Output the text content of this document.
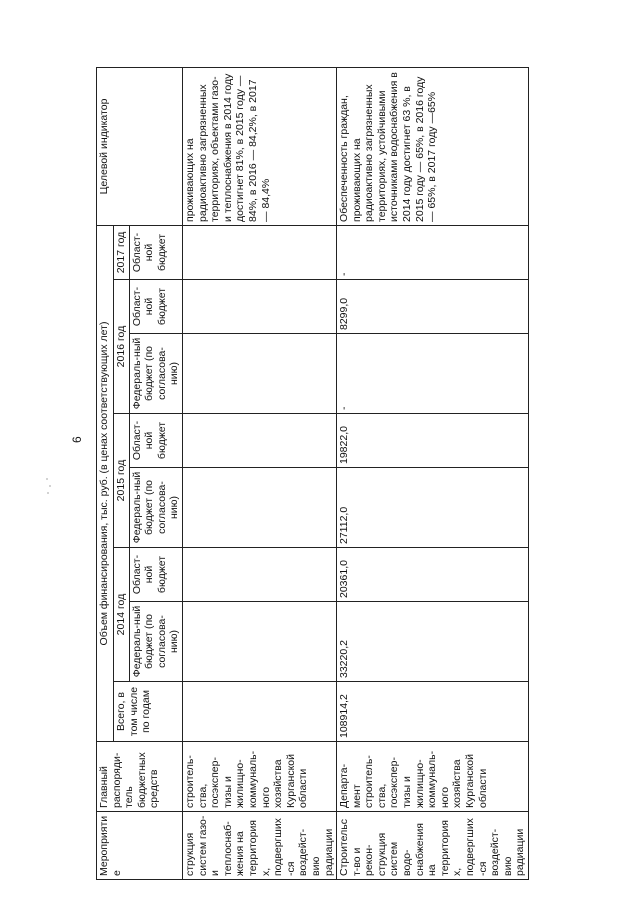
6
Мероприятие	Главный распоряди-тель бюджетных средств	Объем финансирования, тыс. руб. (в ценах соответствующих лет)								Целевой индикатор
		Всего, в том числе по годам	2014 год		2015 год		2016 год		2017 год	
			Федераль-ный бюджет (по согласова-нию)	Област-ной бюджет	Федераль-ный бюджет (по согласова-нию)	Област-ной бюджет	Федераль-ный бюджет (по согласова-нию)	Област-ной бюджет	Област-ной бюджет	
струкция систем газо- и теплоснаб-жения на территориях, подвергших-ся воздейст-вию радиации	строитель-ства, госэкспер-тизы и жилищно-коммуналь-ного хозяйства Курганской области									проживающих на радиоактивно загрязненных территориях, объектами газо- и теплоснабжения в 2014 году достигнет 81%, в 2015 году — 84%, в 2016 — 84,2%, в 2017 — 84,4%
Строительст-во и рекон-струкция систем водо-снабжения на территориях, подвергших-ся воздейст-вию радиации	Департа-мент строитель-ства, госэкспер-тизы и жилищно-коммуналь-ного хозяйства Курганской области	108914,2	33220,2	20361,0	27112,0	19822,0	-	8299,0	-	Обеспеченность граждан, проживающих на радиоактивно загрязненных территориях, устойчивыми источниками водоснабжения в 2014 году достигнет 63 %, в 2015 году — 65%, в 2016 году — 65%, в 2017 году —65%
